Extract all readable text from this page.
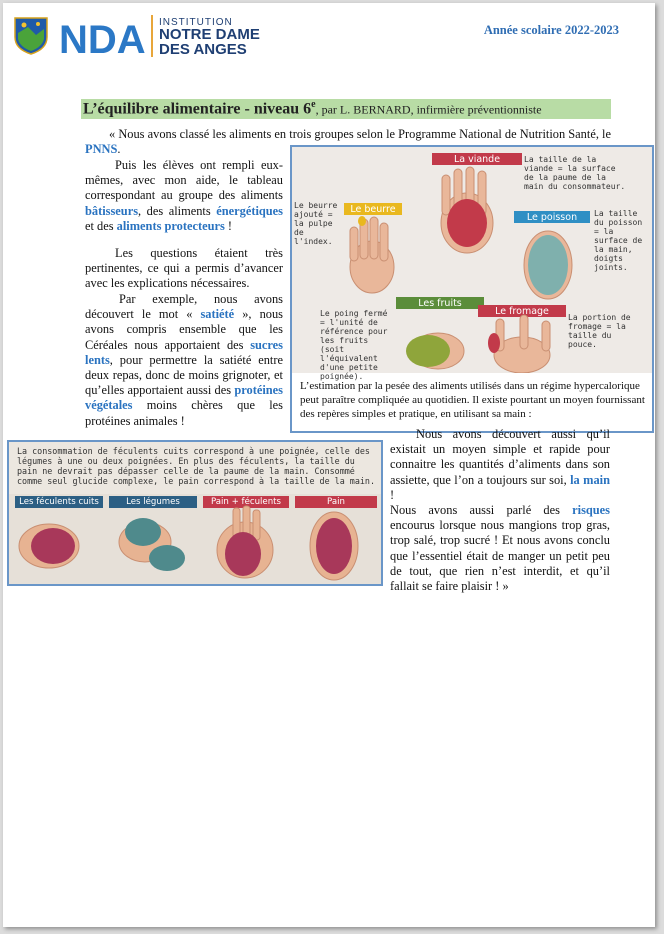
NDA INSTITUTION
NOTRE DAME
DES ANGES
Année scolaire 2022-2023
L’équilibre alimentaire - niveau 6e, par L. BERNARD, infirmière préventionniste
« Nous avons classé les aliments en trois groupes selon le Programme National de Nutrition Santé, le PNNS.
Puis les élèves ont rempli eux-mêmes, avec mon aide, le tableau correspondant au groupe des aliments bâtisseurs, des aliments énergétiques et des aliments protecteurs !
Les questions étaient très pertinentes, ce qui a permis d’avancer avec les explications nécessaires.
Par exemple, nous avons découvert le mot « satiété », nous avons compris ensemble que les Céréales nous apportaient des sucres lents, pour permettre la satiété entre deux repas, donc de moins grignoter, et qu’elles apportaient aussi des protéines végétales moins chères que les protéines animales !
La viande
Le beurre
Le poisson
Les fruits
Le fromage
La taille de la viande = la surface de la paume de la main du consommateur.
Le beurre ajouté = la pulpe de l'index.
La taille du poisson = la surface de la main, doigts joints.
Le poing fermé = l'unité de référence pour les fruits (soit l'équivalent d'une petite poignée).
La portion de fromage = la taille du pouce.
L’estimation par la pesée des aliments utilisés dans un régime hypercalorique peut paraître compliquée au quotidien. Il existe pourtant un moyen fournissant des repères simples et pratique, en utilisant sa main :
La consommation de féculents cuits correspond à une poignée, celle des légumes à une ou deux poignées. En plus des féculents, la taille du pain ne devrait pas dépasser celle de la paume de la main. Consommé comme seul glucide complexe, le pain correspond à la taille de la main.
Les féculents cuits	Les légumes	Pain + féculents	Pain
Nous avons découvert aussi qu’il existait un moyen simple et rapide pour connaitre les quantités d’aliments dans son assiette, que l’on a toujours sur soi, la main !
Nous avons aussi parlé des risques encourus lorsque nous mangions trop gras, trop salé, trop sucré ! Et nous avons conclu que l’essentiel était de manger un petit peu de tout, que rien n’est interdit, et qu’il fallait se faire plaisir ! »
